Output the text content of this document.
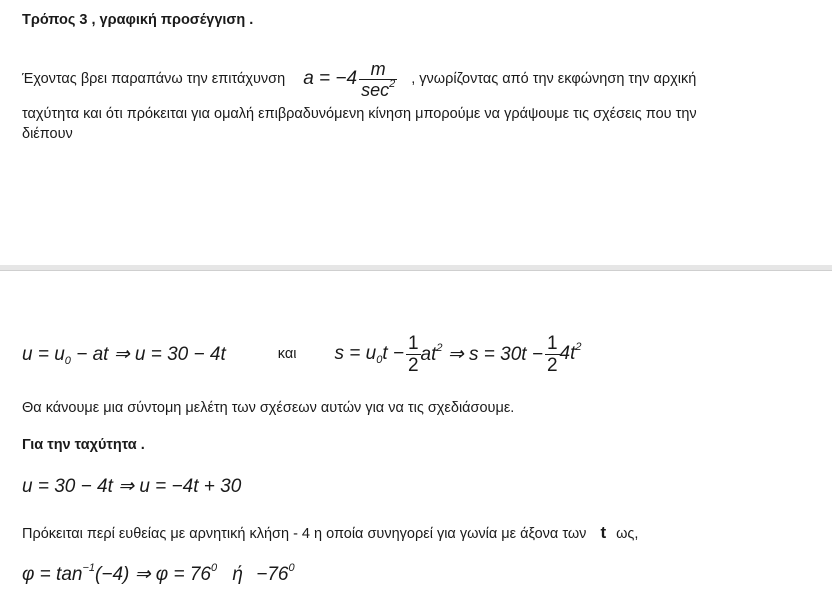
Τρόπος 3 , γραφική προσέγγιση .
Έχοντας βρει παραπάνω την επιτάχυνση $a = -4 \frac{m}{\sec^2}$ , γνωρίζοντας από την εκφώνηση την αρχική
ταχύτητα και ότι πρόκειται για ομαλή επιβραδυνόμενη κίνηση μπορούμε να γράψουμε τις σχέσεις που την
διέπουν
$u = u_0$ − at ⇒ u = 30 − 4t	και $s = u_0t - \frac{1}{2} at^2$ ⇒ $s = 30t - \frac{1}{2} 4t^2$
Θα κάνουμε μια σύντομη μελέτη των σχέσεων αυτών για να τις σχεδιάσουμε.
Για την ταχύτητα .
u = 30 − 4t ⇒ u = −4t + 30
Πρόκειται περί ευθείας με αρνητική κλήση - 4 η οποία συνηγορεί για γωνία με άξονα των t ως,
$\varphi = \tan^{-1}(-4)$ ⇒ $\varphi = 76^0$ $ή -76^0$
